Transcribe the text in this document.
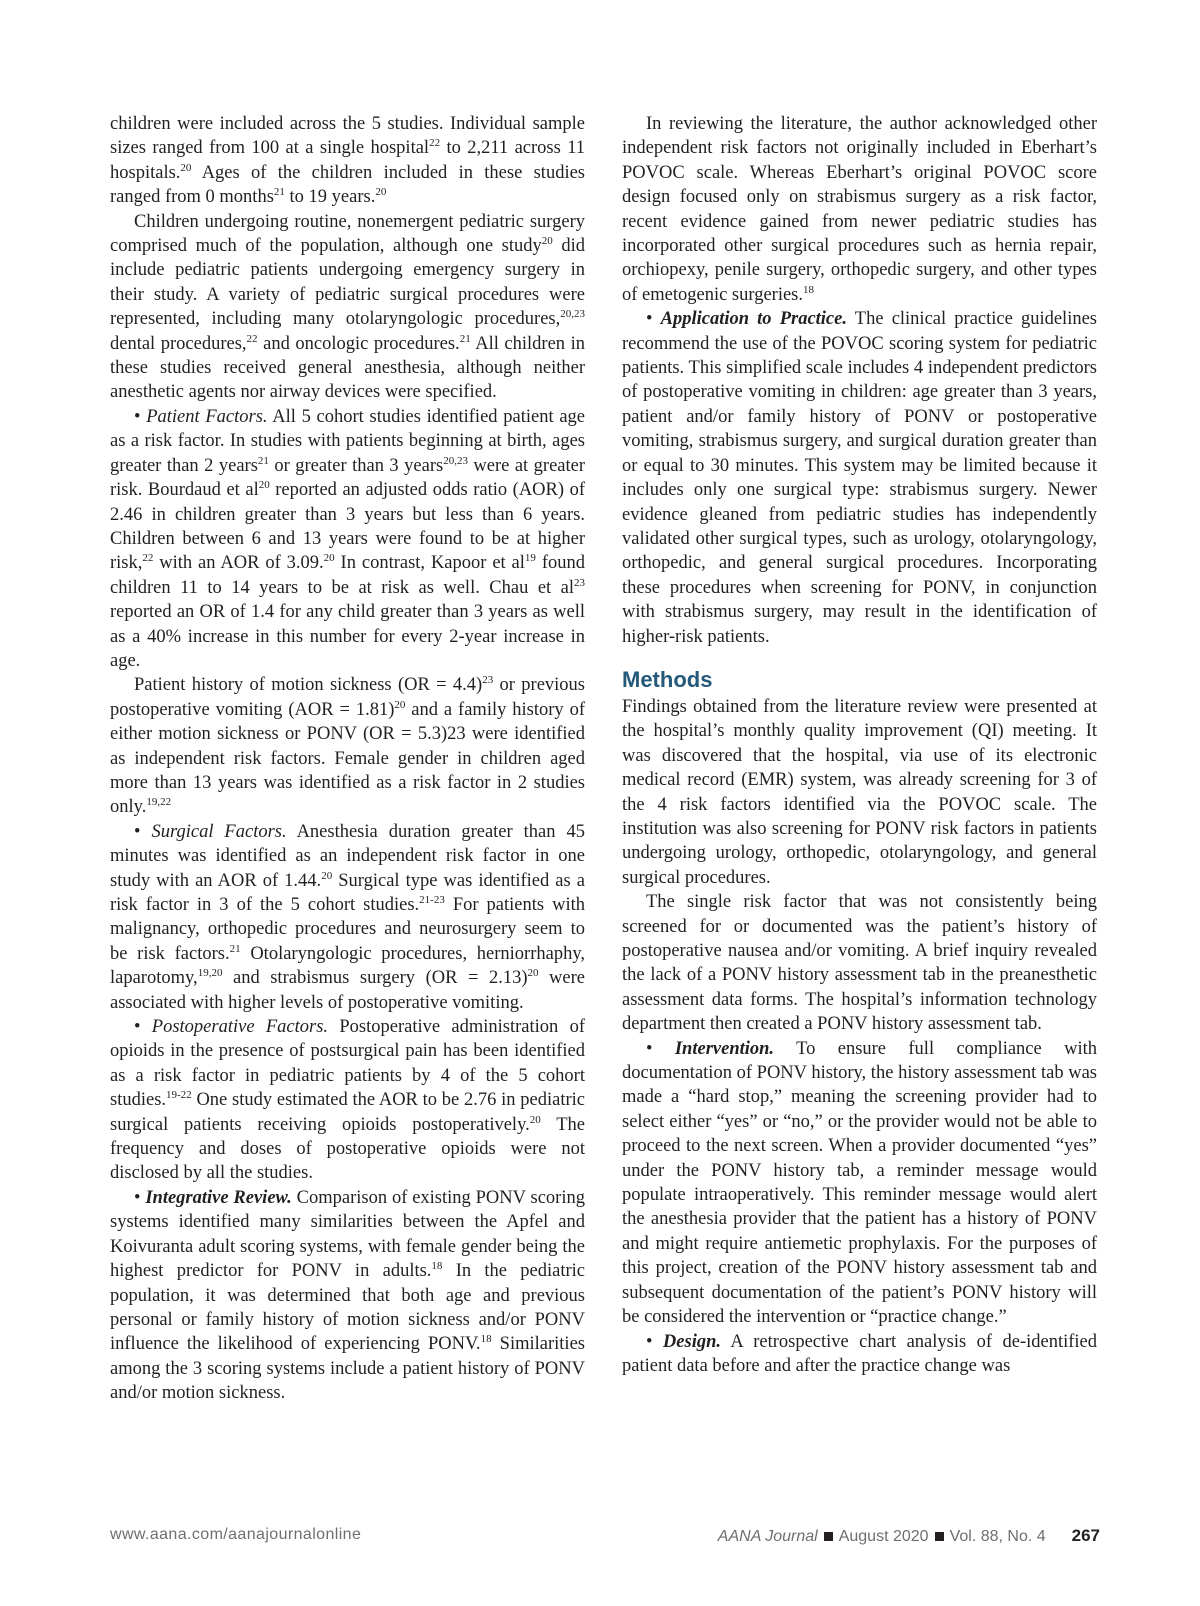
children were included across the 5 studies. Individual sample sizes ranged from 100 at a single hospital$^{22}$ to 2,211 across 11 hospitals.$^{20}$ Ages of the children included in these studies ranged from 0 months$^{21}$ to 19 years.$^{20}$

Children undergoing routine, nonemergent pediatric surgery comprised much of the population, although one study$^{20}$ did include pediatric patients undergoing emergency surgery in their study. A variety of pediatric surgical procedures were represented, including many otolaryngologic procedures,$^{20,23}$ dental procedures,$^{22}$ and oncologic procedures.$^{21}$ All children in these studies received general anesthesia, although neither anesthetic agents nor airway devices were specified.

• Patient Factors. All 5 cohort studies identified patient age as a risk factor. In studies with patients beginning at birth, ages greater than 2 years$^{21}$ or greater than 3 years$^{20,23}$ were at greater risk. Bourdaud et $al^{20}$ reported an adjusted odds ratio (AOR) of 2.46 in children greater than 3 years but less than 6 years. Children between 6 and 13 years were found to be at higher risk,$^{22}$ with an AOR of 3.09.20 In contrast, Kapoor et $al^{19}$ found children 11 to 14 years to be at risk as well. Chau et $al^{23}$ reported an OR of 1.4 for any child greater than 3 years as well as a 40% increase in this number for every 2-year increase in age.

Patient history of motion sickness (OR = 4.4)$^{23}$ or previous postoperative vomiting (AOR = 1.81)$^{20}$ and a family history of either motion sickness or PONV (OR = 5.3)23 were identified as independent risk factors. Female gender in children aged more than 13 years was identified as a risk factor in 2 studies only.$^{19,22}$

• Surgical Factors. Anesthesia duration greater than 45 minutes was identified as an independent risk factor in one study with an AOR of 1.44.20 Surgical type was identified as a risk factor in 3 of the 5 cohort studies.$^{21-23}$ For patients with malignancy, orthopedic procedures and neurosurgery seem to be risk factors.$^{21}$ Otolaryngologic procedures, herniorrhaphy, laparotomy,$^{19,20}$ and strabismus surgery (OR = 2.13)$^{20}$ were associated with higher levels of postoperative vomiting.

• Postoperative Factors. Postoperative administration of opioids in the presence of postsurgical pain has been identified as a risk factor in pediatric patients by 4 of the 5 cohort studies.$^{19-22}$ One study estimated the AOR to be 2.76 in pediatric surgical patients receiving opioids postoperatively.$^{20}$ The frequency and doses of postoperative opioids were not disclosed by all the studies.

• Integrative Review. Comparison of existing PONV scoring systems identified many similarities between the Apfel and Koivuranta adult scoring systems, with female gender being the highest predictor for PONV in adults.$^{18}$ In the pediatric population, it was determined that both age and previous personal or family history of motion sickness and/or PONV influence the likelihood of experiencing PONV.$^{18}$ Similarities among the 3 scoring systems include a patient history of PONV and/or motion sickness.

In reviewing the literature, the author acknowledged other independent risk factors not originally included in Eberhart’s POVOC scale. Whereas Eberhart’s original POVOC score design focused only on strabismus surgery as a risk factor, recent evidence gained from newer pediatric studies has incorporated other surgical procedures such as hernia repair, orchiopexy, penile surgery, orthopedic surgery, and other types of emetogenic surgeries.$^{18}$

• Application to Practice. The clinical practice guidelines recommend the use of the POVOC scoring system for pediatric patients. This simplified scale includes 4 independent predictors of postoperative vomiting in children: age greater than 3 years, patient and/or family history of PONV or postoperative vomiting, strabismus surgery, and surgical duration greater than or equal to 30 minutes. This system may be limited because it includes only one surgical type: strabismus surgery. Newer evidence gleaned from pediatric studies has independently validated other surgical types, such as urology, otolaryngology, orthopedic, and general surgical procedures. Incorporating these procedures when screening for PONV, in conjunction with strabismus surgery, may result in the identification of higher-risk patients.

Methods

Findings obtained from the literature review were presented at the hospital’s monthly quality improvement (QI) meeting. It was discovered that the hospital, via use of its electronic medical record (EMR) system, was already screening for 3 of the 4 risk factors identified via the POVOC scale. The institution was also screening for PONV risk factors in patients undergoing urology, orthopedic, otolaryngology, and general surgical procedures.

The single risk factor that was not consistently being screened for or documented was the patient’s history of postoperative nausea and/or vomiting. A brief inquiry revealed the lack of a PONV history assessment tab in the preanesthetic assessment data forms. The hospital’s information technology department then created a PONV history assessment tab.

• Intervention. To ensure full compliance with documentation of PONV history, the history assessment tab was made a “hard stop,” meaning the screening provider had to select either “yes” or “no,” or the provider would not be able to proceed to the next screen. When a provider documented “yes” under the PONV history tab, a reminder message would populate intraoperatively. This reminder message would alert the anesthesia provider that the patient has a history of PONV and might require antiemetic prophylaxis. For the purposes of this project, creation of the PONV history assessment tab and subsequent documentation of the patient’s PONV history will be considered the intervention or “practice change.”

• Design. A retrospective chart analysis of de-identified patient data before and after the practice change was

www.aana.com/aanajournalonline	AANA Journal August 2020 Vol. 88, No. 4 267
